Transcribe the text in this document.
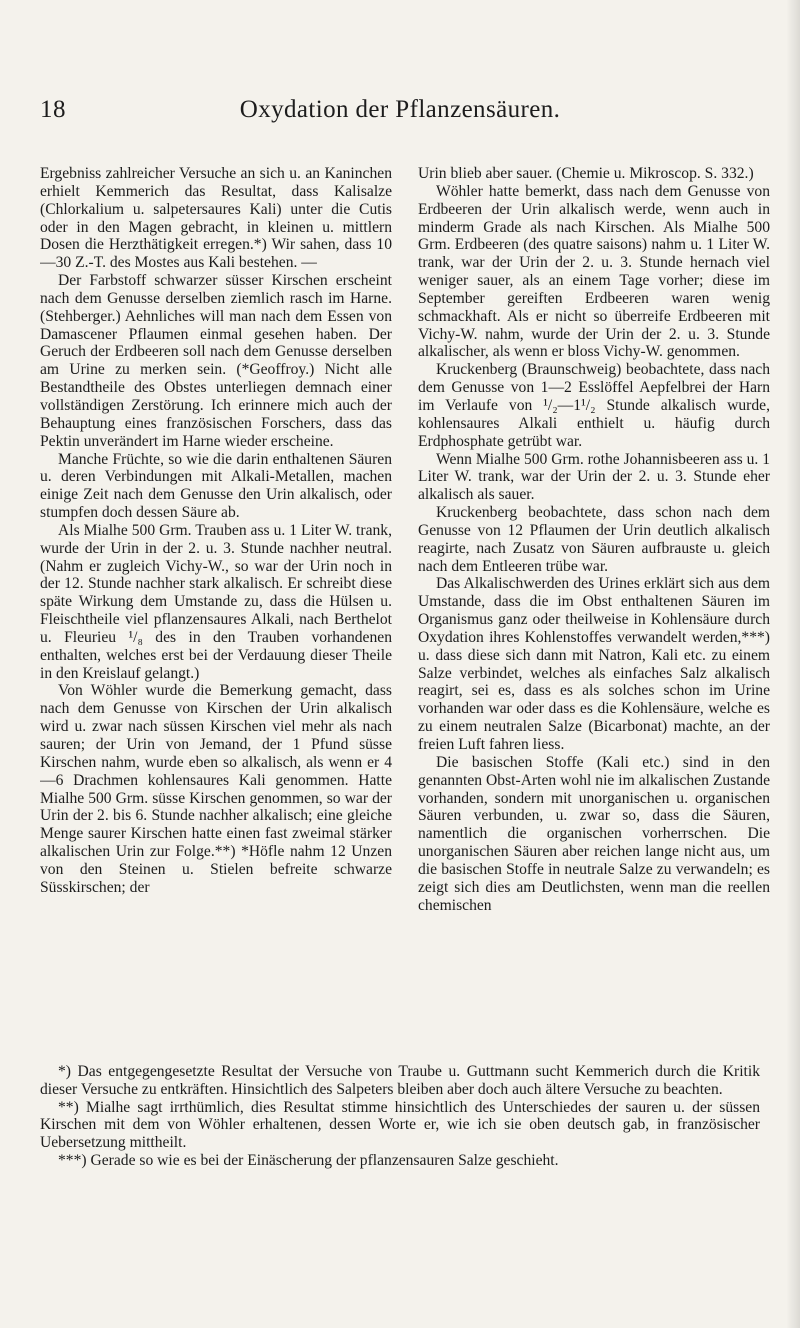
18	Oxydation der Pflanzensäuren.

Ergebniss zahlreicher Versuche an sich u. an Kaninchen erhielt Kemmerich das Resultat, dass Kalisalze (Chlorkalium u. salpetersaures Kali) unter die Cutis oder in den Magen gebracht, in kleinen u. mittlern Dosen die Herzthätigkeit erregen.*) Wir sahen, dass 10—30 Z.-T. des Mostes aus Kali bestehen. —

Der Farbstoff schwarzer süsser Kirschen erscheint nach dem Genusse derselben ziemlich rasch im Harne. (Stehberger.) Aehnliches will man nach dem Essen von Damascener Pflaumen einmal gesehen haben. Der Geruch der Erdbeeren soll nach dem Genusse derselben am Urine zu merken sein. (*Geoffroy.) Nicht alle Bestandtheile des Obstes unterliegen demnach einer vollständigen Zerstörung. Ich erinnere mich auch der Behauptung eines französischen Forschers, dass das Pektin unverändert im Harne wieder erscheine.

Manche Früchte, so wie die darin enthaltenen Säuren u. deren Verbindungen mit Alkali-Metallen, machen einige Zeit nach dem Genusse den Urin alkalisch, oder stumpfen doch dessen Säure ab.

Als Mialhe 500 Grm. Trauben ass u. 1 Liter W. trank, wurde der Urin in der 2. u. 3. Stunde nachher neutral. (Nahm er zugleich Vichy-W., so war der Urin noch in der 12. Stunde nachher stark alkalisch. Er schreibt diese späte Wirkung dem Umstande zu, dass die Hülsen u. Fleischtheile viel pflanzensaures Alkali, nach Berthelot u. Fleurieu ¹/₈ des in den Trauben vorhandenen enthalten, welches erst bei der Verdauung dieser Theile in den Kreislauf gelangt.)

Von Wöhler wurde die Bemerkung gemacht, dass nach dem Genusse von Kirschen der Urin alkalisch wird u. zwar nach süssen Kirschen viel mehr als nach sauren; der Urin von Jemand, der 1 Pfund süsse Kirschen nahm, wurde eben so alkalisch, als wenn er 4—6 Drachmen kohlensaures Kali genommen. Hatte Mialhe 500 Grm. süsse Kirschen genommen, so war der Urin der 2. bis 6. Stunde nachher alkalisch; eine gleiche Menge saurer Kirschen hatte einen fast zweimal stärker alkalischen Urin zur Folge.**) *Höfle nahm 12 Unzen von den Steinen u. Stielen befreite schwarze Süsskirschen; der

Urin blieb aber sauer. (Chemie u. Mikroscop. S. 332.)

Wöhler hatte bemerkt, dass nach dem Genusse von Erdbeeren der Urin alkalisch werde, wenn auch in minderm Grade als nach Kirschen. Als Mialhe 500 Grm. Erdbeeren (des quatre saisons) nahm u. 1 Liter W. trank, war der Urin der 2. u. 3. Stunde hernach viel weniger sauer, als an einem Tage vorher; diese im September gereiften Erdbeeren waren wenig schmackhaft. Als er nicht so überreife Erdbeeren mit Vichy-W. nahm, wurde der Urin der 2. u. 3. Stunde alkalischer, als wenn er bloss Vichy-W. genommen.

Kruckenberg (Braunschweig) beobachtete, dass nach dem Genusse von 1—2 Esslöffel Aepfelbrei der Harn im Verlaufe von ¹/₂—1¹/₂ Stunde alkalisch wurde, kohlensaures Alkali enthielt u. häufig durch Erdphosphate getrübt war.

Wenn Mialhe 500 Grm. rothe Johannisbeeren ass u. 1 Liter W. trank, war der Urin der 2. u. 3. Stunde eher alkalisch als sauer.

Kruckenberg beobachtete, dass schon nach dem Genusse von 12 Pflaumen der Urin deutlich alkalisch reagirte, nach Zusatz von Säuren aufbrauste u. gleich nach dem Entleeren trübe war.

Das Alkalischwerden des Urines erklärt sich aus dem Umstande, dass die im Obst enthaltenen Säuren im Organismus ganz oder theilweise in Kohlensäure durch Oxydation ihres Kohlenstoffes verwandelt werden,***) u. dass diese sich dann mit Natron, Kali etc. zu einem Salze verbindet, welches als einfaches Salz alkalisch reagirt, sei es, dass es als solches schon im Urine vorhanden war oder dass es die Kohlensäure, welche es zu einem neutralen Salze (Bicarbonat) machte, an der freien Luft fahren liess.

Die basischen Stoffe (Kali etc.) sind in den genannten Obst-Arten wohl nie im alkalischen Zustande vorhanden, sondern mit unorganischen u. organischen Säuren verbunden, u. zwar so, dass die Säuren, namentlich die organischen vorherrschen. Die unorganischen Säuren aber reichen lange nicht aus, um die basischen Stoffe in neutrale Salze zu verwandeln; es zeigt sich dies am Deutlichsten, wenn man die reellen chemischen

*) Das entgegengesetzte Resultat der Versuche von Traube u. Guttmann sucht Kemmerich durch die Kritik dieser Versuche zu entkräften. Hinsichtlich des Salpeters bleiben aber doch auch ältere Versuche zu beachten.

**) Mialhe sagt irrthümlich, dies Resultat stimme hinsichtlich des Unterschiedes der sauren u. der süssen Kirschen mit dem von Wöhler erhaltenen, dessen Worte er, wie ich sie oben deutsch gab, in französischer Uebersetzung mittheilt.

***) Gerade so wie es bei der Einäscherung der pflanzensauren Salze geschieht.
